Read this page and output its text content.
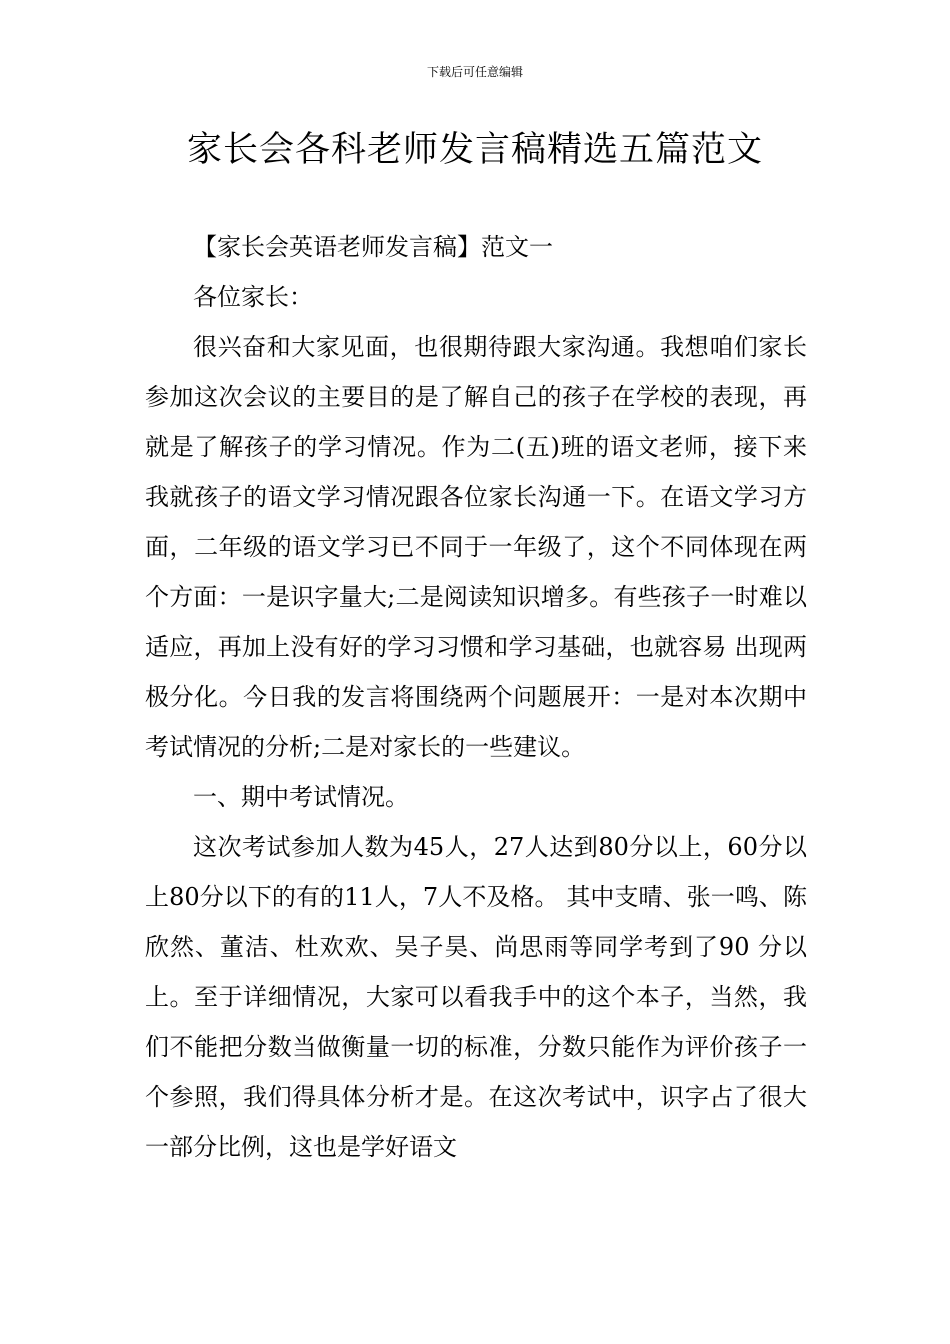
下载后可任意编辑
家长会各科老师发言稿精选五篇范文

【家长会英语老师发言稿】范文一

各位家长：

很兴奋和大家见面，也很期待跟大家沟通。我想咱们家长参加这次会议的主要目的是了解自己的孩子在学校的表现，再就是了解孩子的学习情况。作为二(五)班的语文老师，接下来我就孩子的语文学习情况跟各位家长沟通一下。在语文学习方面，二年级的语文学习已不同于一年级了，这个不同体现在两个方面：一是识字量大;二是阅读知识增多。有些孩子一时难以适应，再加上没有好的学习习惯和学习基础，也就容易 出现两极分化。今日我的发言将围绕两个问题展开：一是对本次期中考试情况的分析;二是对家长的一些建议。

一、期中考试情况。

这次考试参加人数为45人，27人达到80分以上，60分以上80分以下的有的11人，7人不及格。 其中支晴、张一鸣、陈欣然、董洁、杜欢欢、吴子昊、尚思雨等同学考到了90 分以上。至于详细情况，大家可以看我手中的这个本子，当然，我们不能把分数当做衡量一切的标准，分数只能作为评价孩子一个参照，我们得具体分析才是。在这次考试中，识字占了很大一部分比例，这也是学好语文
